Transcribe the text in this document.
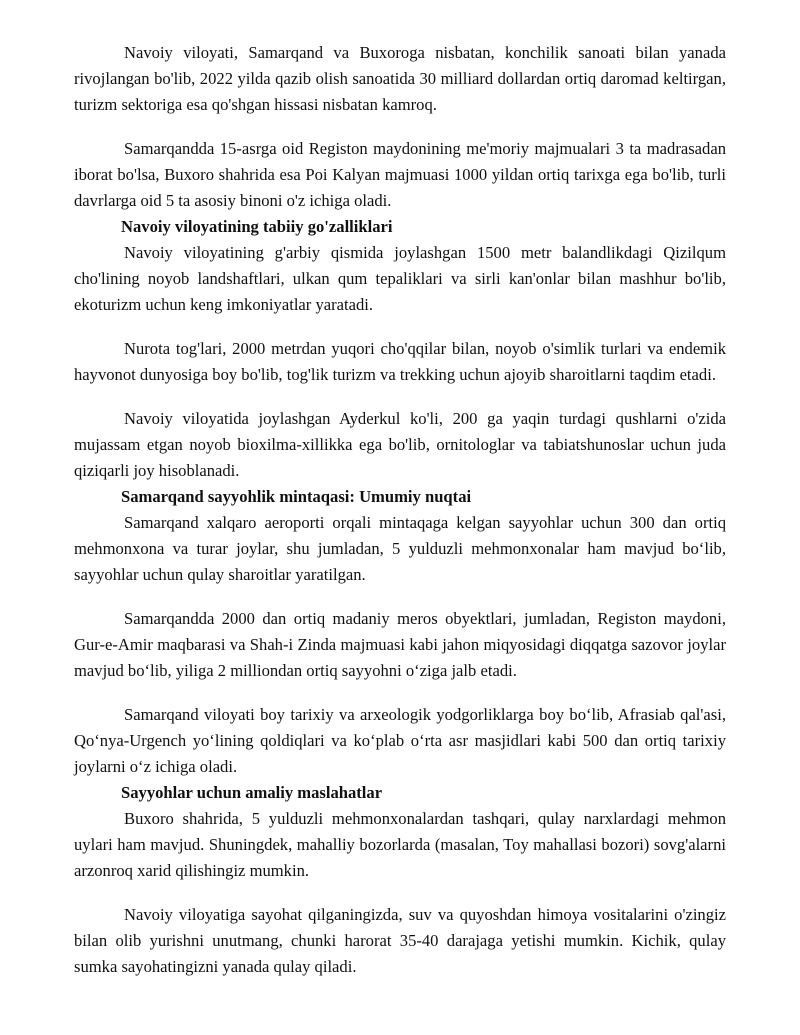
Navoiy viloyati, Samarqand va Buxoroga nisbatan, konchilik sanoati bilan yanada rivojlangan bo'lib, 2022 yilda qazib olish sanoatida 30 milliard dollardan ortiq daromad keltirgan, turizm sektoriga esa qo'shgan hissasi nisbatan kamroq.

Samarqandda 15-asrga oid Registon maydonining me'moriy majmualari 3 ta madrasadan iborat bo'lsa, Buxoro shahrida esa Poi Kalyan majmuasi 1000 yildan ortiq tarixga ega bo'lib, turli davrlarga oid 5 ta asosiy binoni o'z ichiga oladi.

Navoiy viloyatining tabiiy go'zalliklari

Navoiy viloyatining g'arbiy qismida joylashgan 1500 metr balandlikdagi Qizilqum cho'lining noyob landshaftlari, ulkan qum tepaliklari va sirli kan'onlar bilan mashhur bo'lib, ekoturizm uchun keng imkoniyatlar yaratadi.

Nurota tog'lari, 2000 metrdan yuqori cho'qqilar bilan, noyob o'simlik turlari va endemik hayvonot dunyosiga boy bo'lib, tog'lik turizm va trekking uchun ajoyib sharoitlarni taqdim etadi.

Navoiy viloyatida joylashgan Ayderkul ko'li, 200 ga yaqin turdagi qushlarni o'zida mujassam etgan noyob bioxilma-xillikka ega bo'lib, ornitologlar va tabiatshunoslar uchun juda qiziqarli joy hisoblanadi.

Samarqand sayyohlik mintaqasi: Umumiy nuqtai

Samarqand xalqaro aeroporti orqali mintaqaga kelgan sayyohlar uchun 300 dan ortiq mehmonxona va turar joylar, shu jumladan, 5 yulduzli mehmonxonalar ham mavjud bo‘lib, sayyohlar uchun qulay sharoitlar yaratilgan.

Samarqandda 2000 dan ortiq madaniy meros obyektlari, jumladan, Registon maydoni, Gur-e-Amir maqbarasi va Shah-i Zinda majmuasi kabi jahon miqyosidagi diqqatga sazovor joylar mavjud bo‘lib, yiliga 2 milliondan ortiq sayyohni o‘ziga jalb etadi.

Samarqand viloyati boy tarixiy va arxeologik yodgorliklarga boy bo‘lib, Afrasiab qal'asi, Qo‘nya-Urgench yo‘lining qoldiqlari va ko‘plab o‘rta asr masjidlari kabi 500 dan ortiq tarixiy joylarni o‘z ichiga oladi.

Sayyohlar uchun amaliy maslahatlar

Buxoro shahrida, 5 yulduzli mehmonxonalardan tashqari, qulay narxlardagi mehmon uylari ham mavjud. Shuningdek, mahalliy bozorlarda (masalan, Toy mahallasi bozori) sovg'alarni arzonroq xarid qilishingiz mumkin.

Navoiy viloyatiga sayohat qilganingizda, suv va quyoshdan himoya vositalarini o'zingiz bilan olib yurishni unutmang, chunki harorat 35-40 darajaga yetishi mumkin. Kichik, qulay sumka sayohatingizni yanada qulay qiladi.
